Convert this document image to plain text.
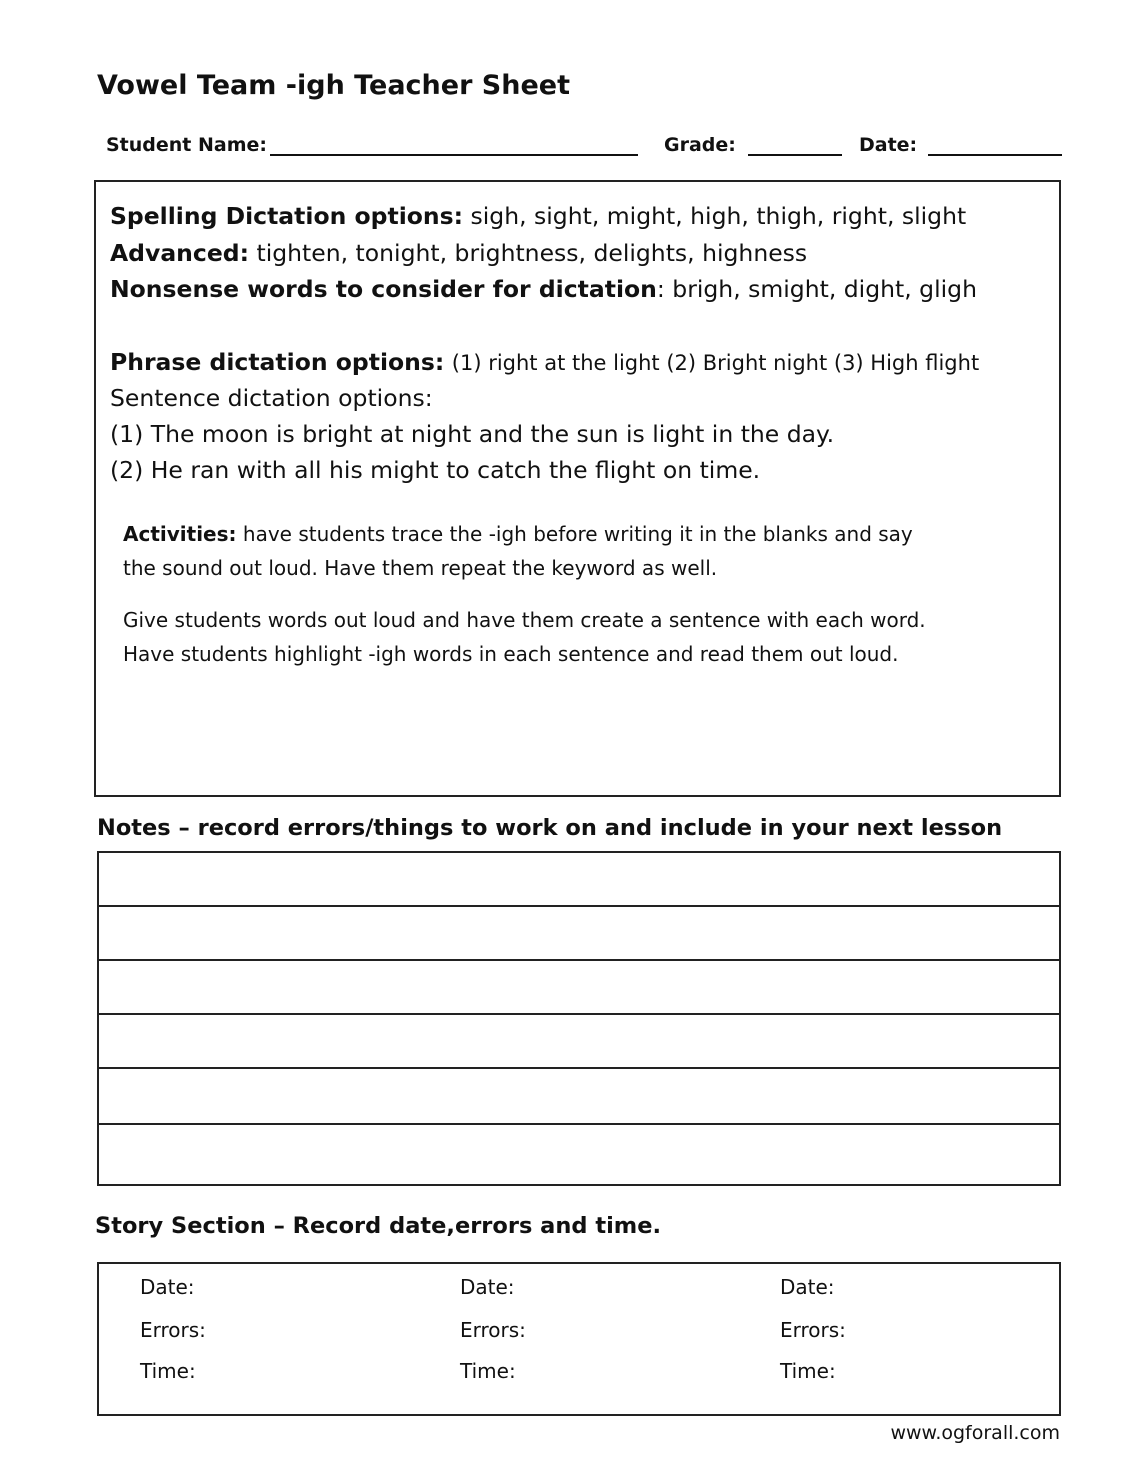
Vowel Team -igh Teacher Sheet
Student Name:	Grade:	Date:
Spelling Dictation options: sigh, sight, might, high, thigh, right, slight
Advanced: tighten, tonight, brightness, delights, highness
Nonsense words to consider for dictation: brigh, smight, dight, gligh
Phrase dictation options: (1) right at the light (2) Bright night (3) High flight
Sentence dictation options:
(1) The moon is bright at night and the sun is light in the day.
(2) He ran with all his might to catch the flight on time.
Activities: have students trace the -igh before writing it in the blanks and say
the sound out loud. Have them repeat the keyword as well.
Give students words out loud and have them create a sentence with each word.
Have students highlight -igh words in each sentence and read them out loud.
Notes – record errors/things to work on and include in your next lesson
Story Section – Record date,errors and time.
Date:
Errors:
Time:
Date:
Errors:
Time:
Date:
Errors:
Time:
www.ogforall.com
